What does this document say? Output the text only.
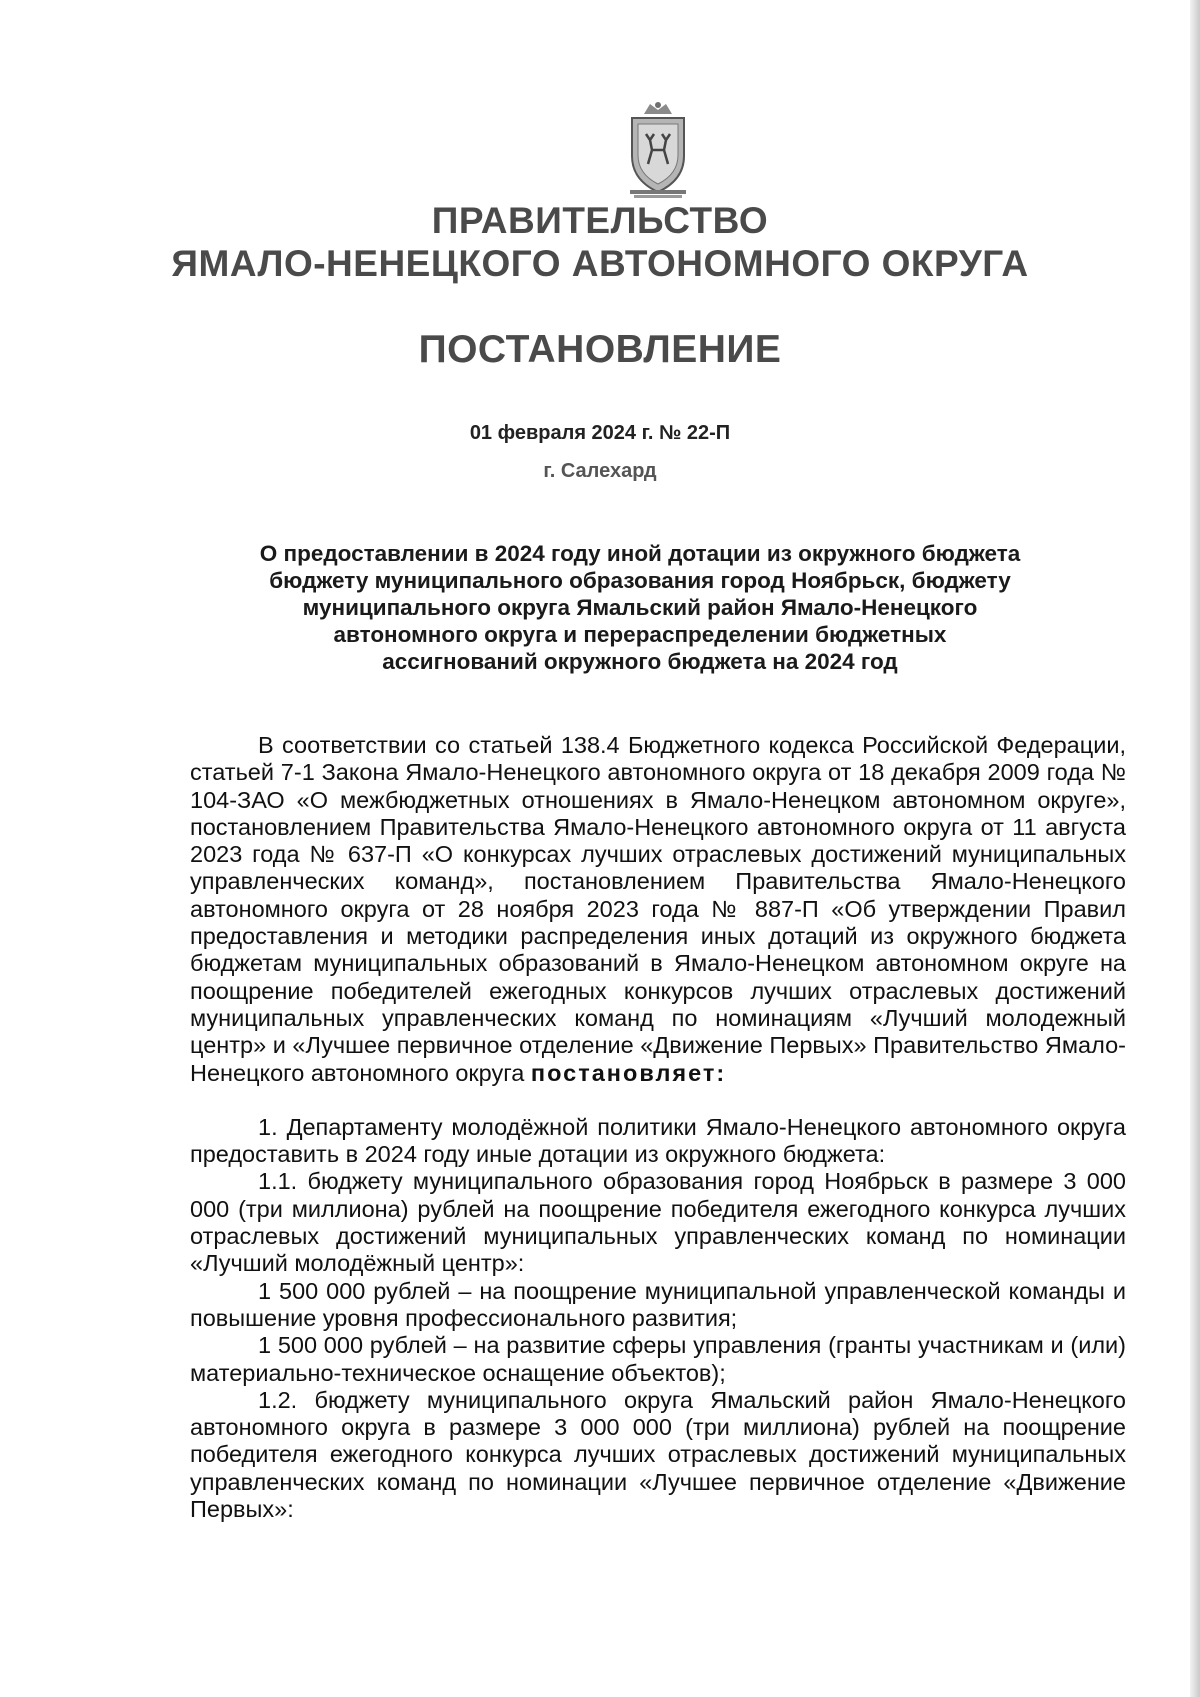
ПРАВИТЕЛЬСТВО
ЯМАЛО-НЕНЕЦКОГО АВТОНОМНОГО ОКРУГА
ПОСТАНОВЛЕНИЕ
01 февраля 2024 г. № 22-П
г. Салехард
О предоставлении в 2024 году иной дотации из окружного бюджета
бюджету муниципального образования город Ноябрьск, бюджету
муниципального округа Ямальский район Ямало-Ненецкого
автономного округа и перераспределении бюджетных
ассигнований окружного бюджета на 2024 год

В соответствии со статьей 138.4 Бюджетного кодекса Российской Федерации, статьей 7-1 Закона Ямало-Ненецкого автономного округа от 18 декабря 2009 года № 104-ЗАО «О межбюджетных отношениях в Ямало-Ненецком автономном округе», постановлением Правительства Ямало-Ненецкого автономного округа от 11 августа 2023 года № 637-П «О конкурсах лучших отраслевых достижений муниципальных управленческих команд», постановлением Правительства Ямало-Ненецкого автономного округа от 28 ноября 2023 года № 887-П «Об утверждении Правил предоставления и методики распределения иных дотаций из окружного бюджета бюджетам муниципальных образований в Ямало-Ненецком автономном округе на поощрение победителей ежегодных конкурсов лучших отраслевых достижений муниципальных управленческих команд по номинациям «Лучший молодежный центр» и «Лучшее первичное отделение «Движение Первых» Правительство Ямало-Ненецкого автономного округа постановляет:

1. Департаменту молодёжной политики Ямало-Ненецкого автономного округа предоставить в 2024 году иные дотации из окружного бюджета:

1.1. бюджету муниципального образования город Ноябрьск в размере 3 000 000 (три миллиона) рублей на поощрение победителя ежегодного конкурса лучших отраслевых достижений муниципальных управленческих команд по номинации «Лучший молодёжный центр»:

1 500 000 рублей – на поощрение муниципальной управленческой команды и повышение уровня профессионального развития;

1 500 000 рублей – на развитие сферы управления (гранты участникам и (или) материально-техническое оснащение объектов);

1.2. бюджету муниципального округа Ямальский район Ямало-Ненецкого автономного округа в размере 3 000 000 (три миллиона) рублей на поощрение победителя ежегодного конкурса лучших отраслевых достижений муниципальных управленческих команд по номинации «Лучшее первичное отделение «Движение Первых»:
